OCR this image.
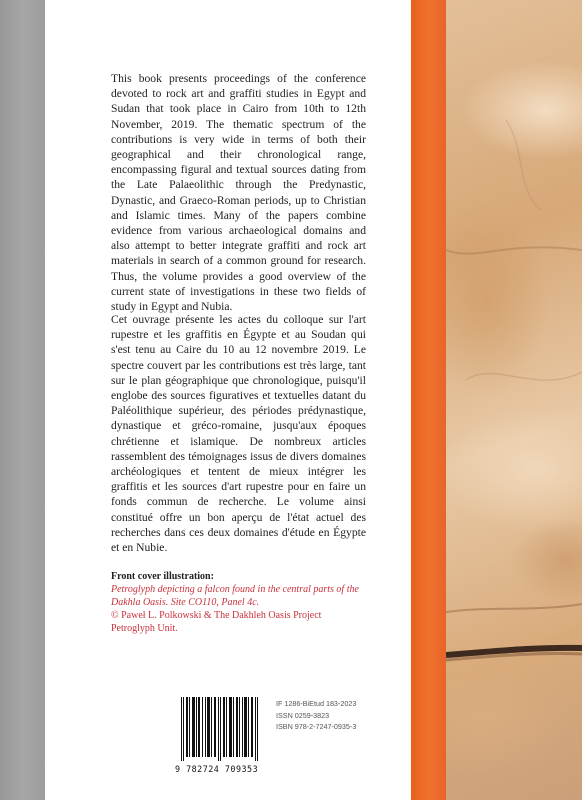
This book presents proceedings of the conference devoted to rock art and graffiti studies in Egypt and Sudan that took place in Cairo from 10th to 12th November, 2019. The thematic spectrum of the contributions is very wide in terms of both their geographical and their chronological range, encompassing figural and textual sources dating from the Late Palaeolithic through the Predynastic, Dynastic, and Graeco-Roman periods, up to Christian and Islamic times. Many of the papers combine evidence from various archaeological domains and also attempt to better integrate graffiti and rock art materials in search of a common ground for research. Thus, the volume provides a good overview of the current state of investigations in these two fields of study in Egypt and Nubia.

Cet ouvrage présente les actes du colloque sur l'art rupestre et les graffitis en Égypte et au Soudan qui s'est tenu au Caire du 10 au 12 novembre 2019. Le spectre couvert par les contributions est très large, tant sur le plan géographique que chronologique, puisqu'il englobe des sources figuratives et textuelles datant du Paléolithique supérieur, des périodes prédynastique, dynastique et gréco-romaine, jusqu'aux époques chrétienne et islamique. De nombreux articles rassemblent des témoignages issus de divers domaines archéologiques et tentent de mieux intégrer les graffitis et les sources d'art rupestre pour en faire un fonds commun de recherche. Le volume ainsi constitué offre un bon aperçu de l'état actuel des recherches dans ces deux domaines d'étude en Égypte et en Nubie.

Front cover illustration:

Petroglyph depicting a falcon found in the central parts of the Dakhla Oasis. Site CO110, Panel 4c.

© Paweł L. Polkowski & The Dakhleh Oasis Project Petroglyph Unit.

9 782724 709353
IF 1286-BiEtud 183-2023
ISSN 0259-3823
ISBN 978-2-7247-0935-3
